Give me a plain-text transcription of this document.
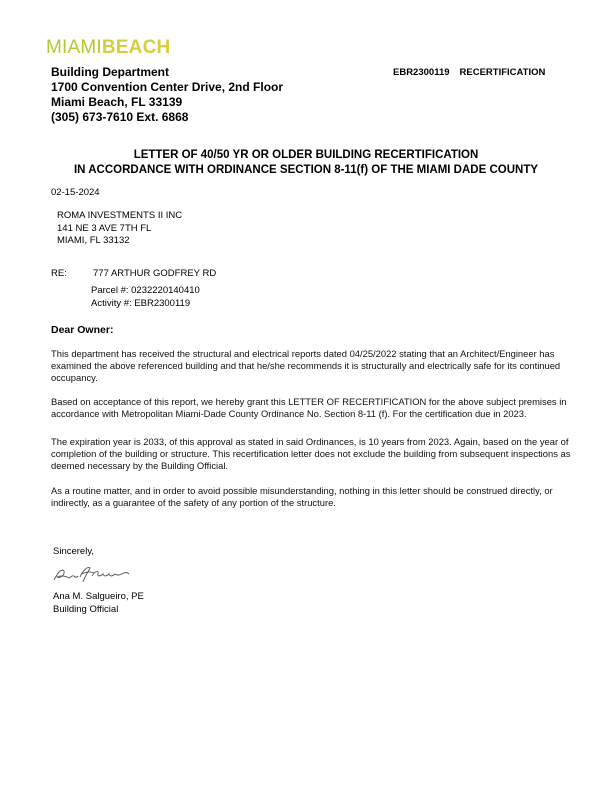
MIAMIBEACH
Building Department
1700 Convention Center Drive, 2nd Floor
Miami Beach, FL 33139
(305) 673-7610 Ext. 6868
EBR2300119 RECERTIFICATION
LETTER OF 40/50 YR OR OLDER BUILDING RECERTIFICATION
IN ACCORDANCE WITH ORDINANCE SECTION 8-11(f) OF THE MIAMI DADE COUNTY
02-15-2024
ROMA INVESTMENTS II INC
141 NE 3 AVE 7TH FL
MIAMI, FL 33132
RE:	777 ARTHUR GODFREY RD
Parcel #: 0232220140410
Activity #: EBR2300119
Dear Owner:

This department has received the structural and electrical reports dated 04/25/2022 stating that an Architect/Engineer has examined the above referenced building and that he/she recommends it is structurally and electrically safe for its continued occupancy.

Based on acceptance of this report, we hereby grant this LETTER OF RECERTIFICATION for the above subject premises in accordance with Metropolitan Miami-Dade County Ordinance No. Section 8-11 (f). For the certification due in 2023.

The expiration year is 2033, of this approval as stated in said Ordinances, is 10 years from 2023. Again, based on the year of completion of the building or structure. This recertification letter does not exclude the building from subsequent inspections as deemed necessary by the Building Official.

As a routine matter, and in order to avoid possible misunderstanding, nothing in this letter should be construed directly, or indirectly, as a guarantee of the safety of any portion of the structure.

Sincerely,
Ana M. Salgueiro, PE
Building Official
